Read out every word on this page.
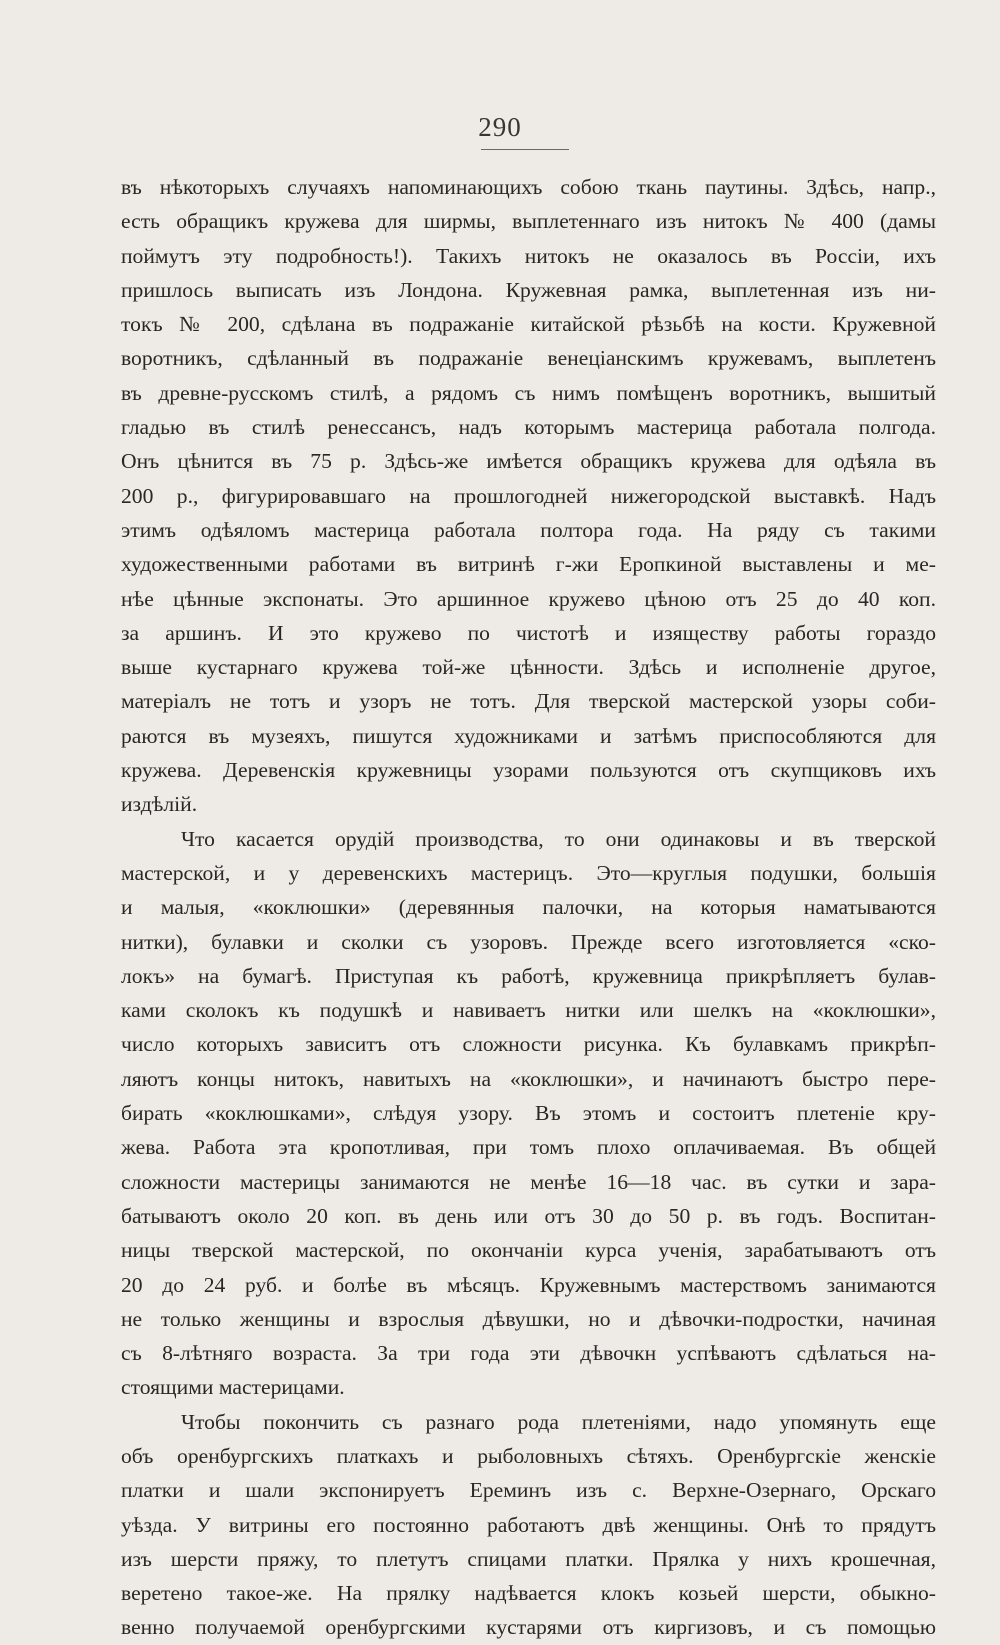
290
въ нѣкоторыхъ случаяхъ напоминающихъ собою ткань паутины. Здѣсь, напр.,
есть обращикъ кружева для ширмы, выплетеннаго изъ нитокъ № 400 (дамы
поймутъ эту подробность!). Такихъ нитокъ не оказалось въ Россіи, ихъ
пришлось выписать изъ Лондона. Кружевная рамка, выплетенная изъ ни-
токъ № 200, сдѣлана въ подражаніе китайской рѣзьбѣ на кости. Кружевной
воротникъ, сдѣланный въ подражаніе венеціанскимъ кружевамъ, выплетенъ
въ древне-русскомъ стилѣ, а рядомъ съ нимъ помѣщенъ воротникъ, вышитый
гладью въ стилѣ ренессансъ, надъ которымъ мастерица работала полгода.
Онъ цѣнится въ 75 р. Здѣсь-же имѣется обращикъ кружева для одѣяла въ
200 р., фигурировавшаго на прошлогодней нижегородской выставкѣ. Надъ
этимъ одѣяломъ мастерица работала полтора года. На ряду съ такими
художественными работами въ витринѣ г-жи Еропкиной выставлены и ме-
нѣе цѣнные экспонаты. Это аршинное кружево цѣною отъ 25 до 40 коп.
за аршинъ. И это кружево по чистотѣ и изяществу работы гораздо
выше кустарнаго кружева той-же цѣнности. Здѣсь и исполненіе другое,
матеріалъ не тотъ и узоръ не тотъ. Для тверской мастерской узоры соби-
раются въ музеяхъ, пишутся художниками и затѣмъ приспособляются для
кружева. Деревенскія кружевницы узорами пользуются отъ скупщиковъ ихъ
издѣлій.
Что касается орудій производства, то они одинаковы и въ тверской
мастерской, и у деревенскихъ мастерицъ. Это—круглыя подушки, большія
и малыя, «коклюшки» (деревянныя палочки, на которыя наматываются
нитки), булавки и сколки съ узоровъ. Прежде всего изготовляется «ско-
локъ» на бумагѣ. Приступая къ работѣ, кружевница прикрѣпляетъ булав-
ками сколокъ къ подушкѣ и навиваетъ нитки или шелкъ на «коклюшки»,
число которыхъ зависитъ отъ сложности рисунка. Къ булавкамъ прикрѣп-
ляютъ концы нитокъ, навитыхъ на «коклюшки», и начинаютъ быстро пере-
бирать «коклюшками», слѣдуя узору. Въ этомъ и состоитъ плетеніе кру-
жева. Работа эта кропотливая, при томъ плохо оплачиваемая. Въ общей
сложности мастерицы занимаются не менѣе 16—18 час. въ сутки и зара-
батываютъ около 20 коп. въ день или отъ 30 до 50 р. въ годъ. Воспитан-
ницы тверской мастерской, по окончаніи курса ученія, зарабатываютъ отъ
20 до 24 руб. и болѣе въ мѣсяцъ. Кружевнымъ мастерствомъ занимаются
не только женщины и взрослыя дѣвушки, но и дѣвочки-подростки, начиная
съ 8-лѣтняго возраста. За три года эти дѣвочкн успѣваютъ сдѣлаться на-
стоящими мастерицами.
Чтобы покончить съ разнаго рода плетеніями, надо упомянуть еще
объ оренбургскихъ платкахъ и рыболовныхъ сѣтяхъ. Оренбургскіе женскіе
платки и шали экспонируетъ Ереминъ изъ с. Верхне-Озернаго, Орскаго
уѣзда. У витрины его постоянно работаютъ двѣ женщины. Онѣ то прядутъ
изъ шерсти пряжу, то плетутъ спицами платки. Прялка у нихъ крошечная,
веретено такое-же. На прялку надѣвается клокъ козьей шерсти, обыкно-
венно получаемой оренбургскими кустарями отъ киргизовъ, и съ помощью
